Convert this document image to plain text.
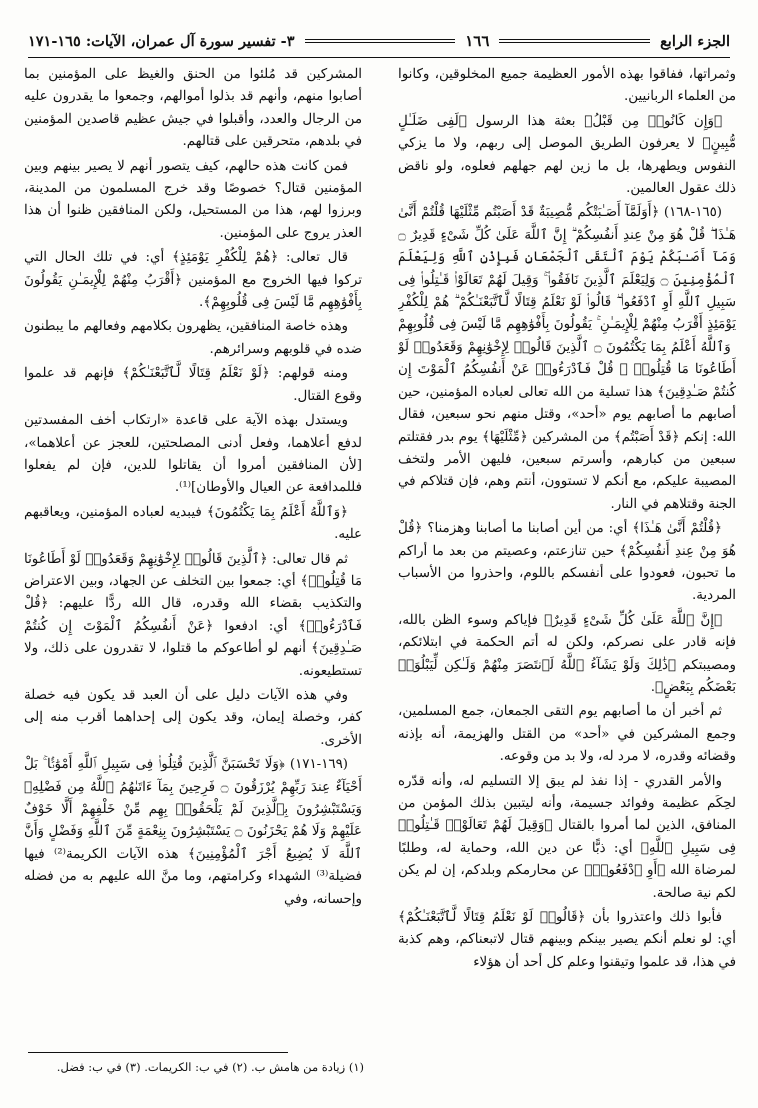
الجزء الرابع
١٦٦
٣- تفسير سورة آل عمران، الآيات: ١٦٥-١٧١

وثمراتها، ففاقوا بهذه الأمور العظيمة جميع المخلوقين، وكانوا من العلماء الربانيين.

﴿وَإِن كَانُوا۟ مِن قَبْلُ﴾ بعثة هذا الرسول ﴿لَفِى ضَلَـٰلٍ مُّبِينٍ﴾ لا يعرفون الطريق الموصل إلى ربهم، ولا ما يزكي النفوس ويطهرها، بل ما زين لهم جهلهم فعلوه، ولو ناقض ذلك عقول العالمين.

(١٦٥-١٦٨) ﴿أَوَلَمَّآ أَصَـٰبَتْكُم مُّصِيبَةٌ قَدْ أَصَبْتُم مِّثْلَيْهَا قُلْتُمْ أَنَّىٰ هَـٰذَا ۖ قُلْ هُوَ مِنْ عِندِ أَنفُسِكُمْ ۗ إِنَّ ٱللَّهَ عَلَىٰ كُلِّ شَىْءٍ قَدِيرٌ ۝ وَمَآ أَصَـٰبَكُمْ يَوْمَ ٱلْتَقَى ٱلْجَمْعَانِ فَبِإِذْنِ ٱللَّهِ وَلِيَعْلَمَ ٱلْمُؤْمِنِينَ ۝ وَلِيَعْلَمَ ٱلَّذِينَ نَافَقُوا۟ ۚ وَقِيلَ لَهُمْ تَعَالَوْا۟ قَـٰتِلُوا۟ فِى سَبِيلِ ٱللَّهِ أَوِ ٱدْفَعُوا۟ ۖ قَالُوا۟ لَوْ نَعْلَمُ قِتَالًا لَّٱتَّبَعْنَـٰكُمْ ۗ هُمْ لِلْكُفْرِ يَوْمَئِذٍ أَقْرَبُ مِنْهُمْ لِلْإِيمَـٰنِ ۚ يَقُولُونَ بِأَفْوَٰهِهِم مَّا لَيْسَ فِى قُلُوبِهِمْ ۗ وَٱللَّهُ أَعْلَمُ بِمَا يَكْتُمُونَ ۝ ٱلَّذِينَ قَالُوا۟ لِإِخْوَٰنِهِمْ وَقَعَدُوا۟ لَوْ أَطَاعُونَا مَا قُتِلُوا۟ ۗ قُلْ فَٱدْرَءُوا۟ عَنْ أَنفُسِكُمُ ٱلْمَوْتَ إِن كُنتُمْ صَـٰدِقِينَ﴾ هذا تسلية من الله تعالى لعباده المؤمنين، حين أصابهم ما أصابهم يوم «أحد»، وقتل منهم نحو سبعين، فقال الله: إنكم ﴿قَدْ أَصَبْتُم﴾ من المشركين ﴿مِّثْلَيْهَا﴾ يوم بدر فقتلتم سبعين من كبارهم، وأسرتم سبعين، فليهن الأمر ولتخف المصيبة عليكم، مع أنكم لا تستوون، أنتم وهم، فإن قتلاكم في الجنة وقتلاهم في النار.

﴿قُلْتُمْ أَنَّىٰ هَـٰذَا﴾ أي: من أين أصابنا ما أصابنا وهزمنا؟ ﴿قُلْ هُوَ مِنْ عِندِ أَنفُسِكُمْ﴾ حين تنازعتم، وعصيتم من بعد ما أراكم ما تحبون، فعودوا على أنفسكم باللوم، واحذروا من الأسباب المردية.

﴿إِنَّ ٱللَّهَ عَلَىٰ كُلِّ شَىْءٍ قَدِيرٌ﴾ فإياكم وسوء الظن بالله، فإنه قادر على نصركم، ولكن له أتم الحكمة في ابتلائكم، ومصيبتكم ﴿ذَٰلِكَ وَلَوْ يَشَآءُ ٱللَّهُ لَٱنتَصَرَ مِنْهُمْ وَلَـٰكِن لِّيَبْلُوَا۟ بَعْضَكُم بِبَعْضٍ﴾.

ثم أخبر أن ما أصابهم يوم التقى الجمعان، جمع المسلمين، وجمع المشركين في «أحد» من القتل والهزيمة، أنه بإذنه وقضائه وقدره، لا مرد له، ولا بد من وقوعه.

والأمر القدري - إذا نفذ لم يبق إلا التسليم له، وأنه قدّره لحِكَم عظيمة وفوائد جسيمة، وأنه ليتبين بذلك المؤمن من المنافق، الذين لما أمروا بالقتال ﴿وَقِيلَ لَهُمْ تَعَالَوْا۟ قَـٰتِلُوا۟ فِى سَبِيلِ ٱللَّهِ﴾ أي: ذبًّا عن دين الله، وحماية له، وطلبًا لمرضاة الله ﴿أَوِ ٱدْفَعُوا۟﴾ عن محارمكم وبلدكم، إن لم يكن لكم نية صالحة.

فأبوا ذلك واعتذروا بأن ﴿قَالُوا۟ لَوْ نَعْلَمُ قِتَالًا لَّٱتَّبَعْنَـٰكُمْ﴾ أي: لو نعلم أنكم يصير بينكم وبينهم قتال لاتبعناكم، وهم كذبة في هذا، قد علموا وتيقنوا وعلم كل أحد أن هؤلاء

المشركين قد مُلئوا من الحنق والغيظ على المؤمنين بما أصابوا منهم، وأنهم قد بذلوا أموالهم، وجمعوا ما يقدرون عليه من الرجال والعدد، وأقبلوا في جيش عظيم قاصدين المؤمنين في بلدهم، متحرقين على قتالهم.

فمن كانت هذه حالهم، كيف يتصور أنهم لا يصير بينهم وبين المؤمنين قتال؟ خصوصًا وقد خرج المسلمون من المدينة، وبرزوا لهم، هذا من المستحيل، ولكن المنافقين ظنوا أن هذا العذر يروج على المؤمنين.

قال تعالى: ﴿هُمْ لِلْكُفْرِ يَوْمَئِذٍ﴾ أي: في تلك الحال التي تركوا فيها الخروج مع المؤمنين ﴿أَقْرَبُ مِنْهُمْ لِلْإِيمَـٰنِ يَقُولُونَ بِأَفْوَٰهِهِم مَّا لَيْسَ فِى قُلُوبِهِمْ﴾.

وهذه خاصة المنافقين، يظهرون بكلامهم وفعالهم ما يبطنون ضده في قلوبهم وسرائرهم.

ومنه قولهم: ﴿لَوْ نَعْلَمُ قِتَالًا لَّٱتَّبَعْنَـٰكُمْ﴾ فإنهم قد علموا وقوع القتال.

ويستدل بهذه الآية على قاعدة «ارتكاب أخف المفسدتين لدفع أعلاهما، وفعل أدنى المصلحتين، للعجز عن أعلاهما»، [لأن المنافقين أمروا أن يقاتلوا للدين، فإن لم يفعلوا فللمدافعة عن العيال والأوطان]⁽¹⁾.

﴿وَٱللَّهُ أَعْلَمُ بِمَا يَكْتُمُونَ﴾ فيبديه لعباده المؤمنين، ويعاقبهم عليه.

ثم قال تعالى: ﴿ٱلَّذِينَ قَالُوا۟ لِإِخْوَٰنِهِمْ وَقَعَدُوا۟ لَوْ أَطَاعُونَا مَا قُتِلُوا۟﴾ أي: جمعوا بين التخلف عن الجهاد، وبين الاعتراض والتكذيب بقضاء الله وقدره، قال الله ردًّا عليهم: ﴿قُلْ فَٱدْرَءُوا۟﴾ أي: ادفعوا ﴿عَنْ أَنفُسِكُمُ ٱلْمَوْتَ إِن كُنتُمْ صَـٰدِقِينَ﴾ أنهم لو أطاعوكم ما قتلوا، لا تقدرون على ذلك، ولا تستطيعونه.

وفي هذه الآيات دليل على أن العبد قد يكون فيه خصلة كفر، وخصلة إيمان، وقد يكون إلى إحداهما أقرب منه إلى الأخرى.

(١٦٩-١٧١) ﴿وَلَا تَحْسَبَنَّ ٱلَّذِينَ قُتِلُوا۟ فِى سَبِيلِ ٱللَّهِ أَمْوَٰتًۢا ۚ بَلْ أَحْيَآءٌ عِندَ رَبِّهِمْ يُرْزَقُونَ ۝ فَرِحِينَ بِمَآ ءَاتَىٰهُمُ ٱللَّهُ مِن فَضْلِهِۦ وَيَسْتَبْشِرُونَ بِٱلَّذِينَ لَمْ يَلْحَقُوا۟ بِهِم مِّنْ خَلْفِهِمْ أَلَّا خَوْفٌ عَلَيْهِمْ وَلَا هُمْ يَحْزَنُونَ ۝ يَسْتَبْشِرُونَ بِنِعْمَةٍ مِّنَ ٱللَّهِ وَفَضْلٍ وَأَنَّ ٱللَّهَ لَا يُضِيعُ أَجْرَ ٱلْمُؤْمِنِينَ﴾ هذه الآيات الكريمة⁽²⁾ فيها فضيلة⁽³⁾ الشهداء وكرامتهم، وما منَّ الله عليهم به من فضله وإحسانه، وفي

(١) زيادة من هامش ب. (٢) في ب: الكريمات. (٣) في ب: فضل.
